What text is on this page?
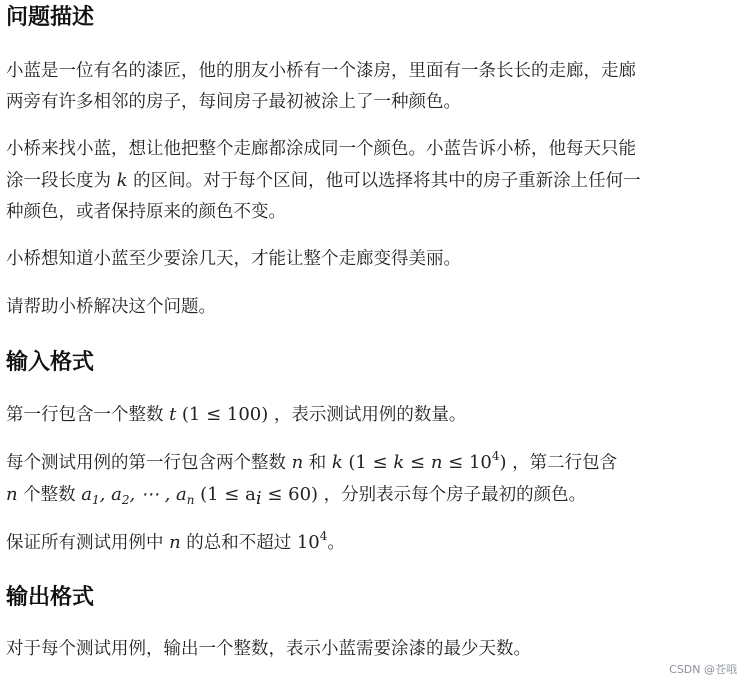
问题描述

小蓝是一位有名的漆匠，他的朋友小桥有一个漆房，里面有一条长长的走廊，走廊
两旁有许多相邻的房子，每间房子最初被涂上了一种颜色。

小桥来找小蓝，想让他把整个走廊都涂成同一个颜色。小蓝告诉小桥，他每天只能
涂一段长度为 k 的区间。对于每个区间，他可以选择将其中的房子重新涂上任何一
种颜色，或者保持原来的颜色不变。

小桥想知道小蓝至少要涂几天，才能让整个走廊变得美丽。

请帮助小桥解决这个问题。

输入格式

第一行包含一个整数 t (1 ≤ 100) ，表示测试用例的数量。

每个测试用例的第一行包含两个整数 n 和 k $(1 \le k \le n \le 10^4)$ ，第二行包含
n 个整数 $a_1$, $a_2$, ⋯ , $a_n$ $(1 \le a_i \le 60)$ ，分别表示每个房子最初的颜色。

保证所有测试用例中 n 的总和不超过 $10^4$。

输出格式

对于每个测试用例，输出一个整数，表示小蓝需要涂漆的最少天数。

CSDN @苍哦
